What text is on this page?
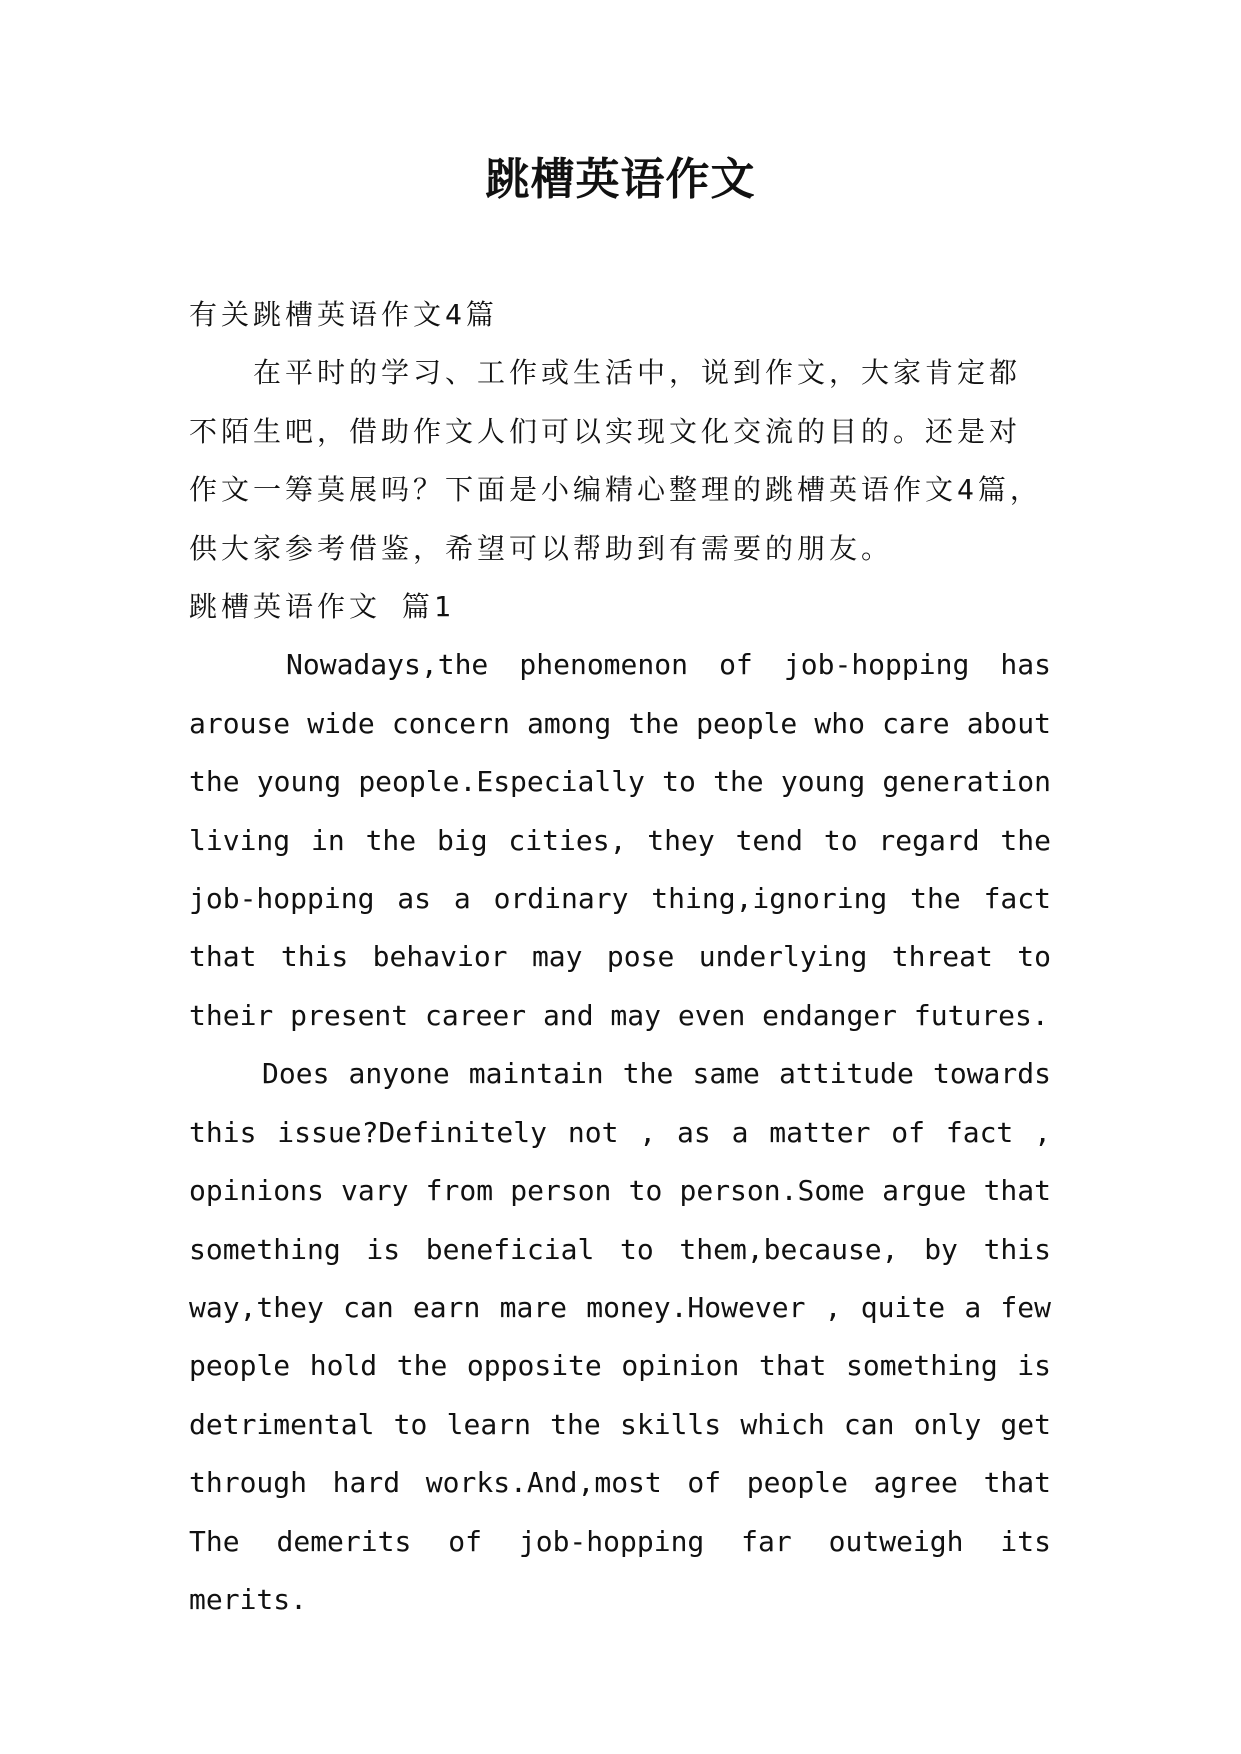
跳槽英语作文

有关跳槽英语作文4篇

在平时的学习、工作或生活中，说到作文，大家肯定都不陌生吧，借助作文人们可以实现文化交流的目的。还是对作文一筹莫展吗？下面是小编精心整理的跳槽英语作文4篇，供大家参考借鉴，希望可以帮助到有需要的朋友。

跳槽英语作文 篇1

Nowadays,the phenomenon of job-hopping has arouse wide concern among the people who care about the young people.Especially to the young generation living in the big cities, they tend to regard the job-hopping as a ordinary thing,ignoring the fact that this behavior may pose underlying threat to their present career and may even endanger futures.

Does anyone maintain the same attitude towards this issue?Definitely not , as a matter of fact , opinions vary from person to person.Some argue that something is beneficial to them,because, by this way,they can earn mare money.However , quite a few people hold the opposite opinion that something is detrimental to learn the skills which can only get through hard works.And,most of people agree that The demerits of job-hopping far outweigh its merits.
